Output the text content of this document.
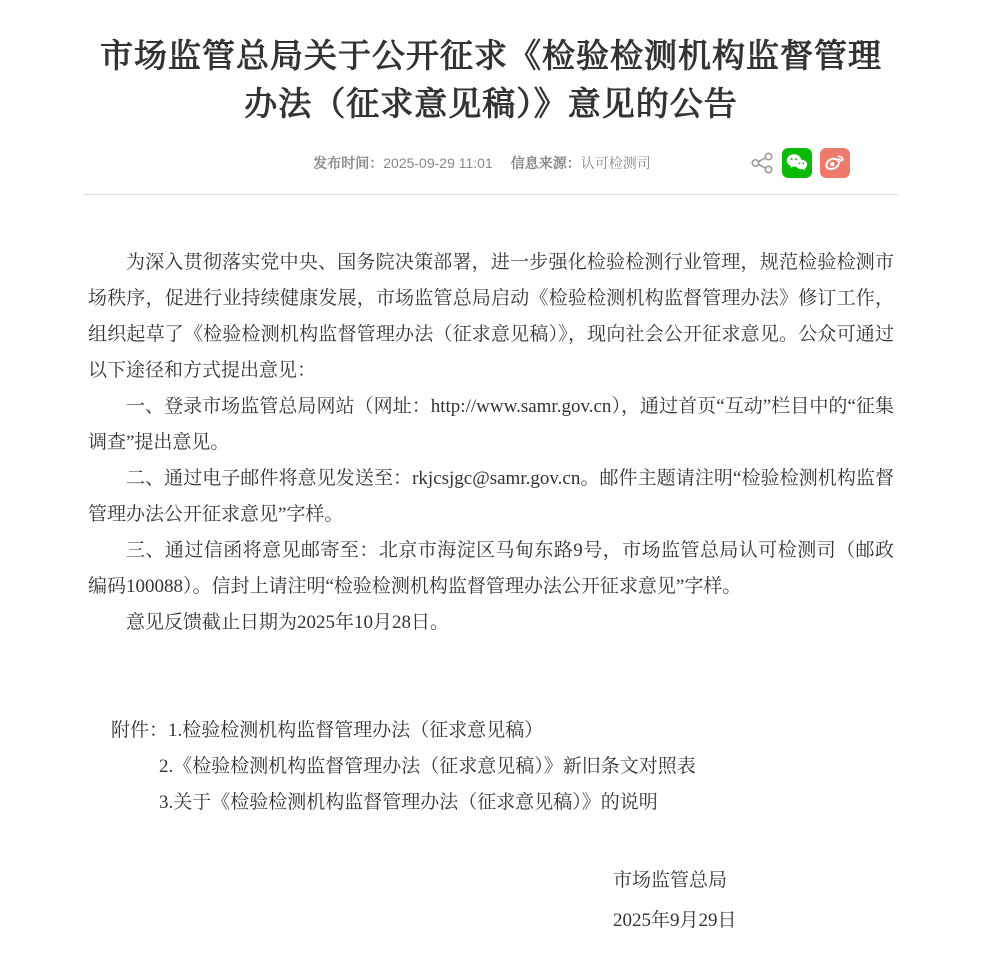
市场监管总局关于公开征求《检验检测机构监督管理办法（征求意见稿）》意见的公告
发布时间：2025-09-29 11:01 信息来源：认可检测司

为深入贯彻落实党中央、国务院决策部署，进一步强化检验检测行业管理，规范检验检测市场秩序，促进行业持续健康发展，市场监管总局启动《检验检测机构监督管理办法》修订工作，组织起草了《检验检测机构监督管理办法（征求意见稿）》，现向社会公开征求意见。公众可通过以下途径和方式提出意见：

一、登录市场监管总局网站（网址：http://www.samr.gov.cn），通过首页“互动”栏目中的“征集调查”提出意见。

二、通过电子邮件将意见发送至：rkjcsjgc@samr.gov.cn。邮件主题请注明“检验检测机构监督管理办法公开征求意见”字样。

三、通过信函将意见邮寄至：北京市海淀区马甸东路9号，市场监管总局认可检测司（邮政编码100088）。信封上请注明“检验检测机构监督管理办法公开征求意见”字样。

意见反馈截止日期为2025年10月28日。

附件：1.检验检测机构监督管理办法（征求意见稿）

2.《检验检测机构监督管理办法（征求意见稿）》新旧条文对照表

3.关于《检验检测机构监督管理办法（征求意见稿）》的说明

市场监管总局
2025年9月29日
